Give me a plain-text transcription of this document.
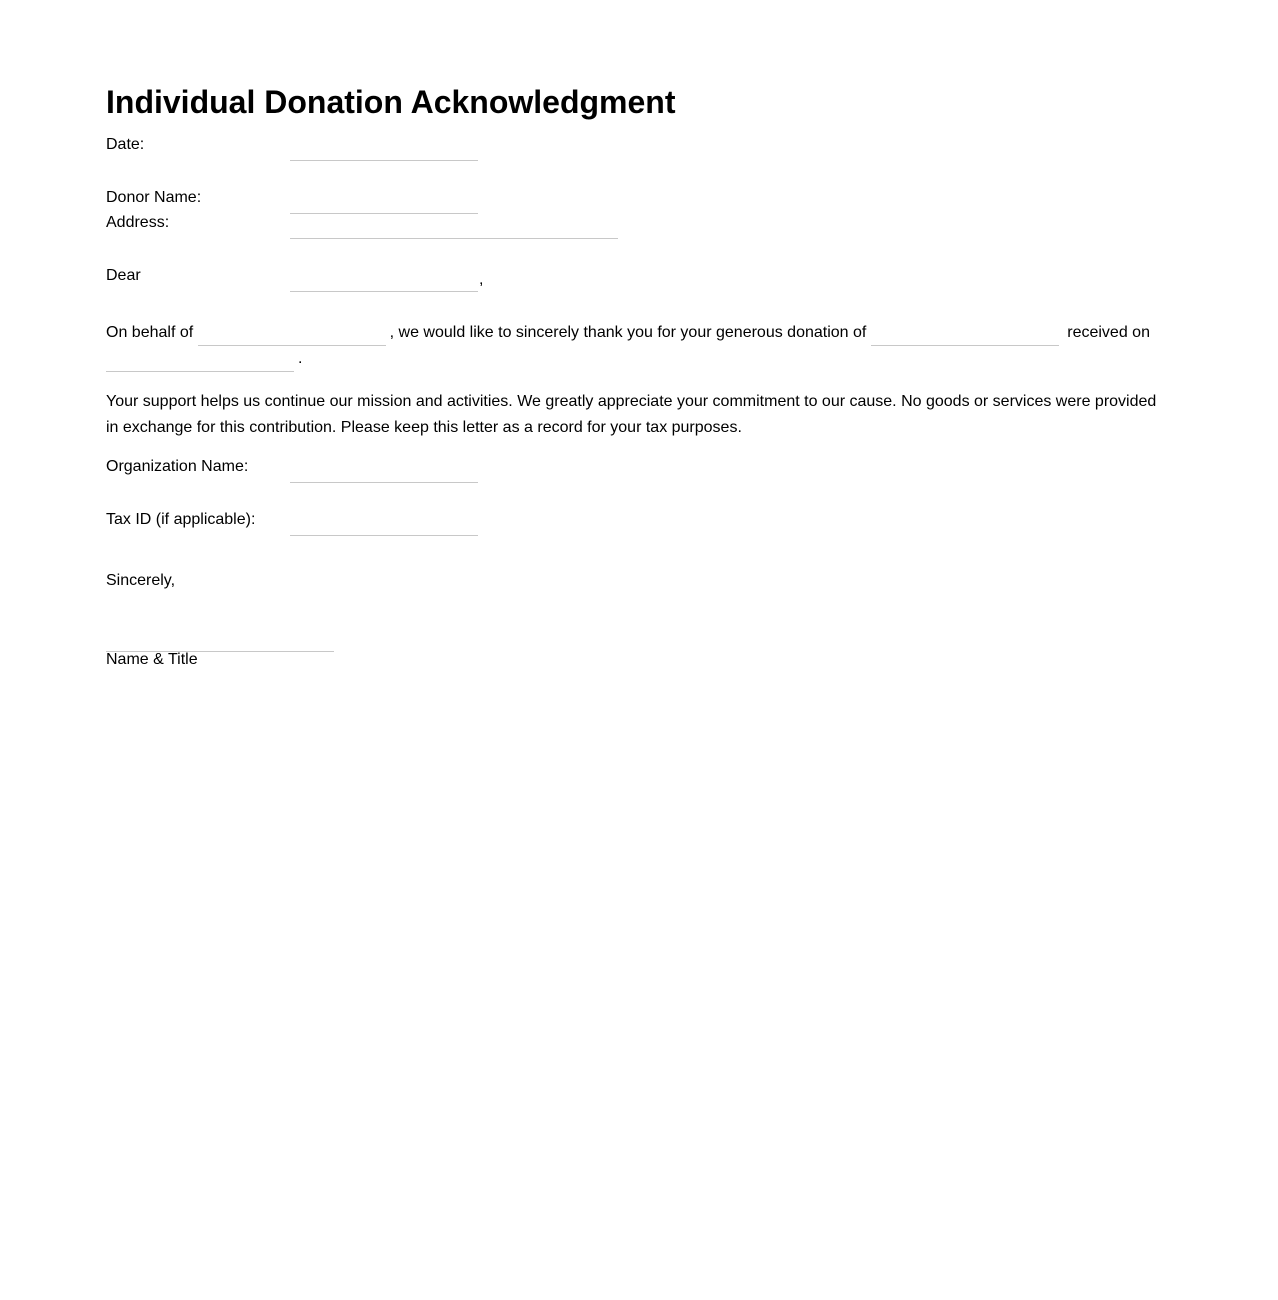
Individual Donation Acknowledgment
Date:
Donor Name:
Address:
Dear	,

On behalf of	, we would like to sincerely thank you for your generous donation of	received on
.

Your support helps us continue our mission and activities. We greatly appreciate your commitment to our cause. No goods or services were provided in exchange for this contribution. Please keep this letter as a record for your tax purposes.

Organization Name:
Tax ID (if applicable):
Sincerely,
Name & Title
